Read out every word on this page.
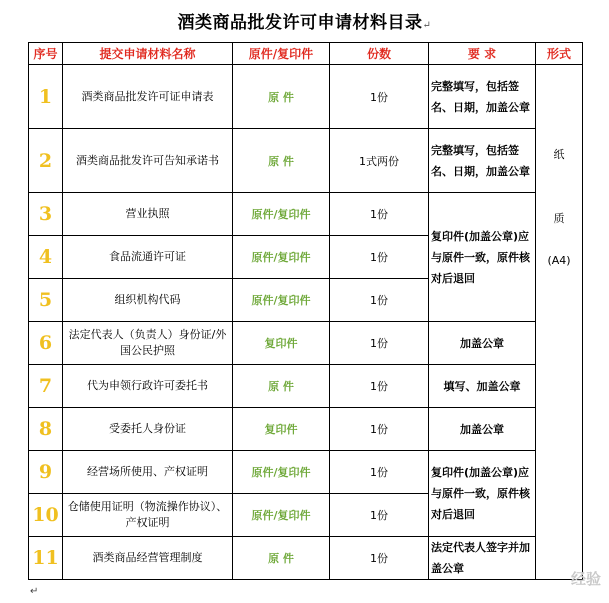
酒类商品批发许可申请材料目录↵
序号	提交申请材料名称	原件/复印件	份数	要 求	形式
1	酒类商品批发许可证申请表	原 件	1份	完整填写，包括签名、日期，加盖公章	纸
质
(A4)

2	酒类商品批发许可告知承诺书	原 件	1式两份	完整填写，包括签名、日期，加盖公章	
3	营业执照	原件/复印件	1份	复印件(加盖公章)应与原件一致，原件核对后退回	
4	食品流通许可证	原件/复印件	1份		
5	组织机构代码	原件/复印件	1份		
6	法定代表人（负责人）身份证/外国公民护照	复印件	1份	加盖公章	
7	代为申领行政许可委托书	原 件	1份	填写、加盖公章	
8	受委托人身份证	复印件	1份	加盖公章	
9	经营场所使用、产权证明	原件/复印件	1份	复印件(加盖公章)应与原件一致，原件核对后退回	
10	仓储使用证明（物流操作协议）、产权证明	原件/复印件	1份		
11	酒类商品经营管理制度	原 件	1份	法定代表人签字并加盖公章	
↵
经验
